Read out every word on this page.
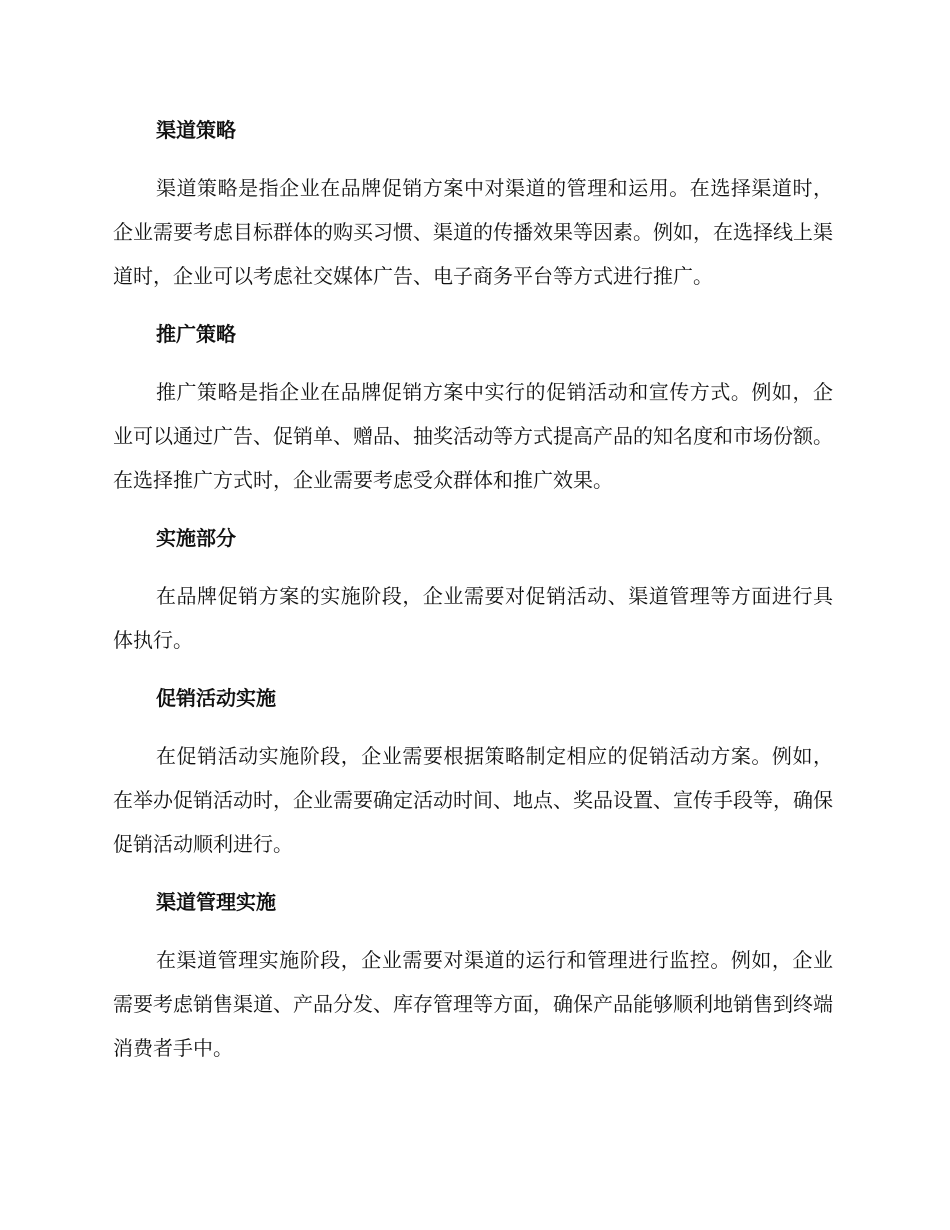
渠道策略

渠道策略是指企业在品牌促销方案中对渠道的管理和运用。在选择渠道时，企业需要考虑目标群体的购买习惯、渠道的传播效果等因素。例如，在选择线上渠道时，企业可以考虑社交媒体广告、电子商务平台等方式进行推广。

推广策略

推广策略是指企业在品牌促销方案中实行的促销活动和宣传方式。例如，企业可以通过广告、促销单、赠品、抽奖活动等方式提高产品的知名度和市场份额。在选择推广方式时，企业需要考虑受众群体和推广效果。

实施部分

在品牌促销方案的实施阶段，企业需要对促销活动、渠道管理等方面进行具体执行。

促销活动实施

在促销活动实施阶段，企业需要根据策略制定相应的促销活动方案。例如，在举办促销活动时，企业需要确定活动时间、地点、奖品设置、宣传手段等，确保促销活动顺利进行。

渠道管理实施

在渠道管理实施阶段，企业需要对渠道的运行和管理进行监控。例如，企业需要考虑销售渠道、产品分发、库存管理等方面，确保产品能够顺利地销售到终端消费者手中。
